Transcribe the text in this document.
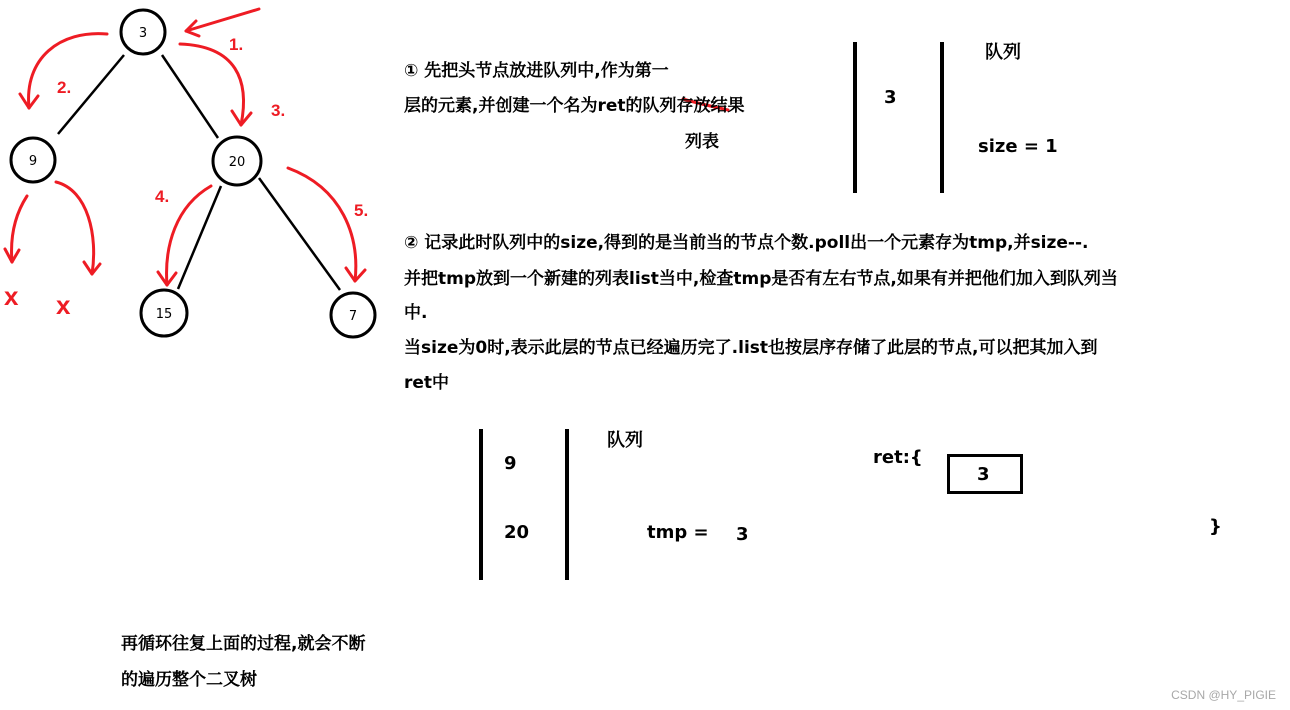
3
9	20
15	7
1.
2.
3.
4.
5.
x x
① 先把头节点放进队列中,作为第一
层的元素,并创建一个名为ret的队列存放结果
列表
队列
3
size = 1
② 记录此时队列中的size,得到的是当前当的节点个数.poll出一个元素存为tmp,并size--.
并把tmp放到一个新建的列表list当中,检查tmp是否有左右节点,如果有并把他们加入到队列当
中.
当size为0时,表示此层的节点已经遍历完了.list也按层序存储了此层的节点,可以把其加入到
ret中
队列
9
20	tmp = 3
ret:{
3
}
再循环往复上面的过程,就会不断
的遍历整个二叉树
CSDN @HY_PIGIE
